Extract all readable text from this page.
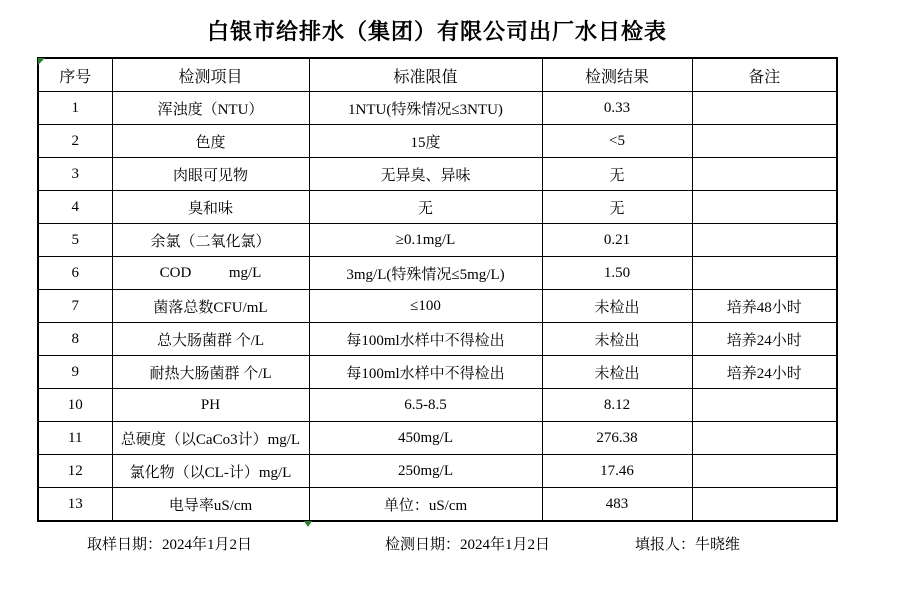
白银市给排水（集团）有限公司出厂水日检表
序号	检测项目	标准限值	检测结果	备注
1	浑浊度（NTU）	1NTU(特殊情况≤3NTU)	0.33	
2	色度	15度	<5	
3	肉眼可见物	无异臭、异味	无	
4	臭和味	无	无	
5	余氯（二氧化氯）	≥0.1mg/L	0.21	
6	COD          mg/L	3mg/L(特殊情况≤5mg/L)	1.50	
7	菌落总数CFU/mL	≤100	未检出	培养48小时
8	总大肠菌群 个/L	每100ml水样中不得检出	未检出	培养24小时
9	耐热大肠菌群 个/L	每100ml水样中不得检出	未检出	培养24小时
10	PH	6.5-8.5	8.12	
11	总硬度（以CaCo3计）mg/L	450mg/L	276.38	
12	氯化物（以CL-计）mg/L	250mg/L	17.46	
13	电导率uS/cm	单位：uS/cm	483	
取样日期：2024年1月2日	检测日期：2024年1月2日	填报人：牛晓维
